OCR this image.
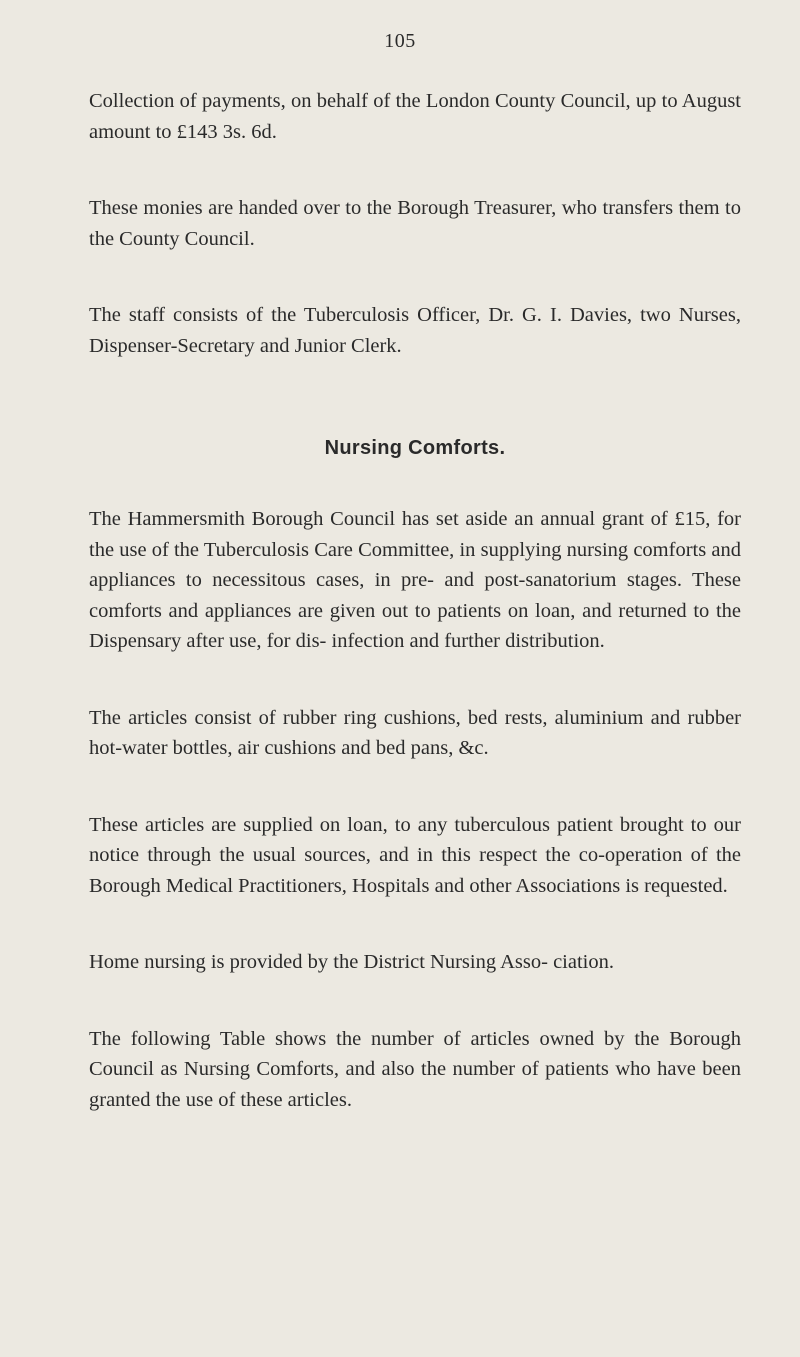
105

Collection of payments, on behalf of the London County Council, up to August amount to £143 3s. 6d.

These monies are handed over to the Borough Treasurer, who transfers them to the County Council.

The staff consists of the Tuberculosis Officer, Dr. G. I. Davies, two Nurses, Dispenser-Secretary and Junior Clerk.

Nursing Comforts.

The Hammersmith Borough Council has set aside an annual grant of £15, for the use of the Tuberculosis Care Committee, in supplying nursing comforts and appliances to necessitous cases, in pre- and post-sanatorium stages. These comforts and appliances are given out to patients on loan, and returned to the Dispensary after use, for dis- infection and further distribution.

The articles consist of rubber ring cushions, bed rests, aluminium and rubber hot-water bottles, air cushions and bed pans, &c.

These articles are supplied on loan, to any tuberculous patient brought to our notice through the usual sources, and in this respect the co-operation of the Borough Medical Practitioners, Hospitals and other Associations is requested.

Home nursing is provided by the District Nursing Asso- ciation.

The following Table shows the number of articles owned by the Borough Council as Nursing Comforts, and also the number of patients who have been granted the use of these articles.
